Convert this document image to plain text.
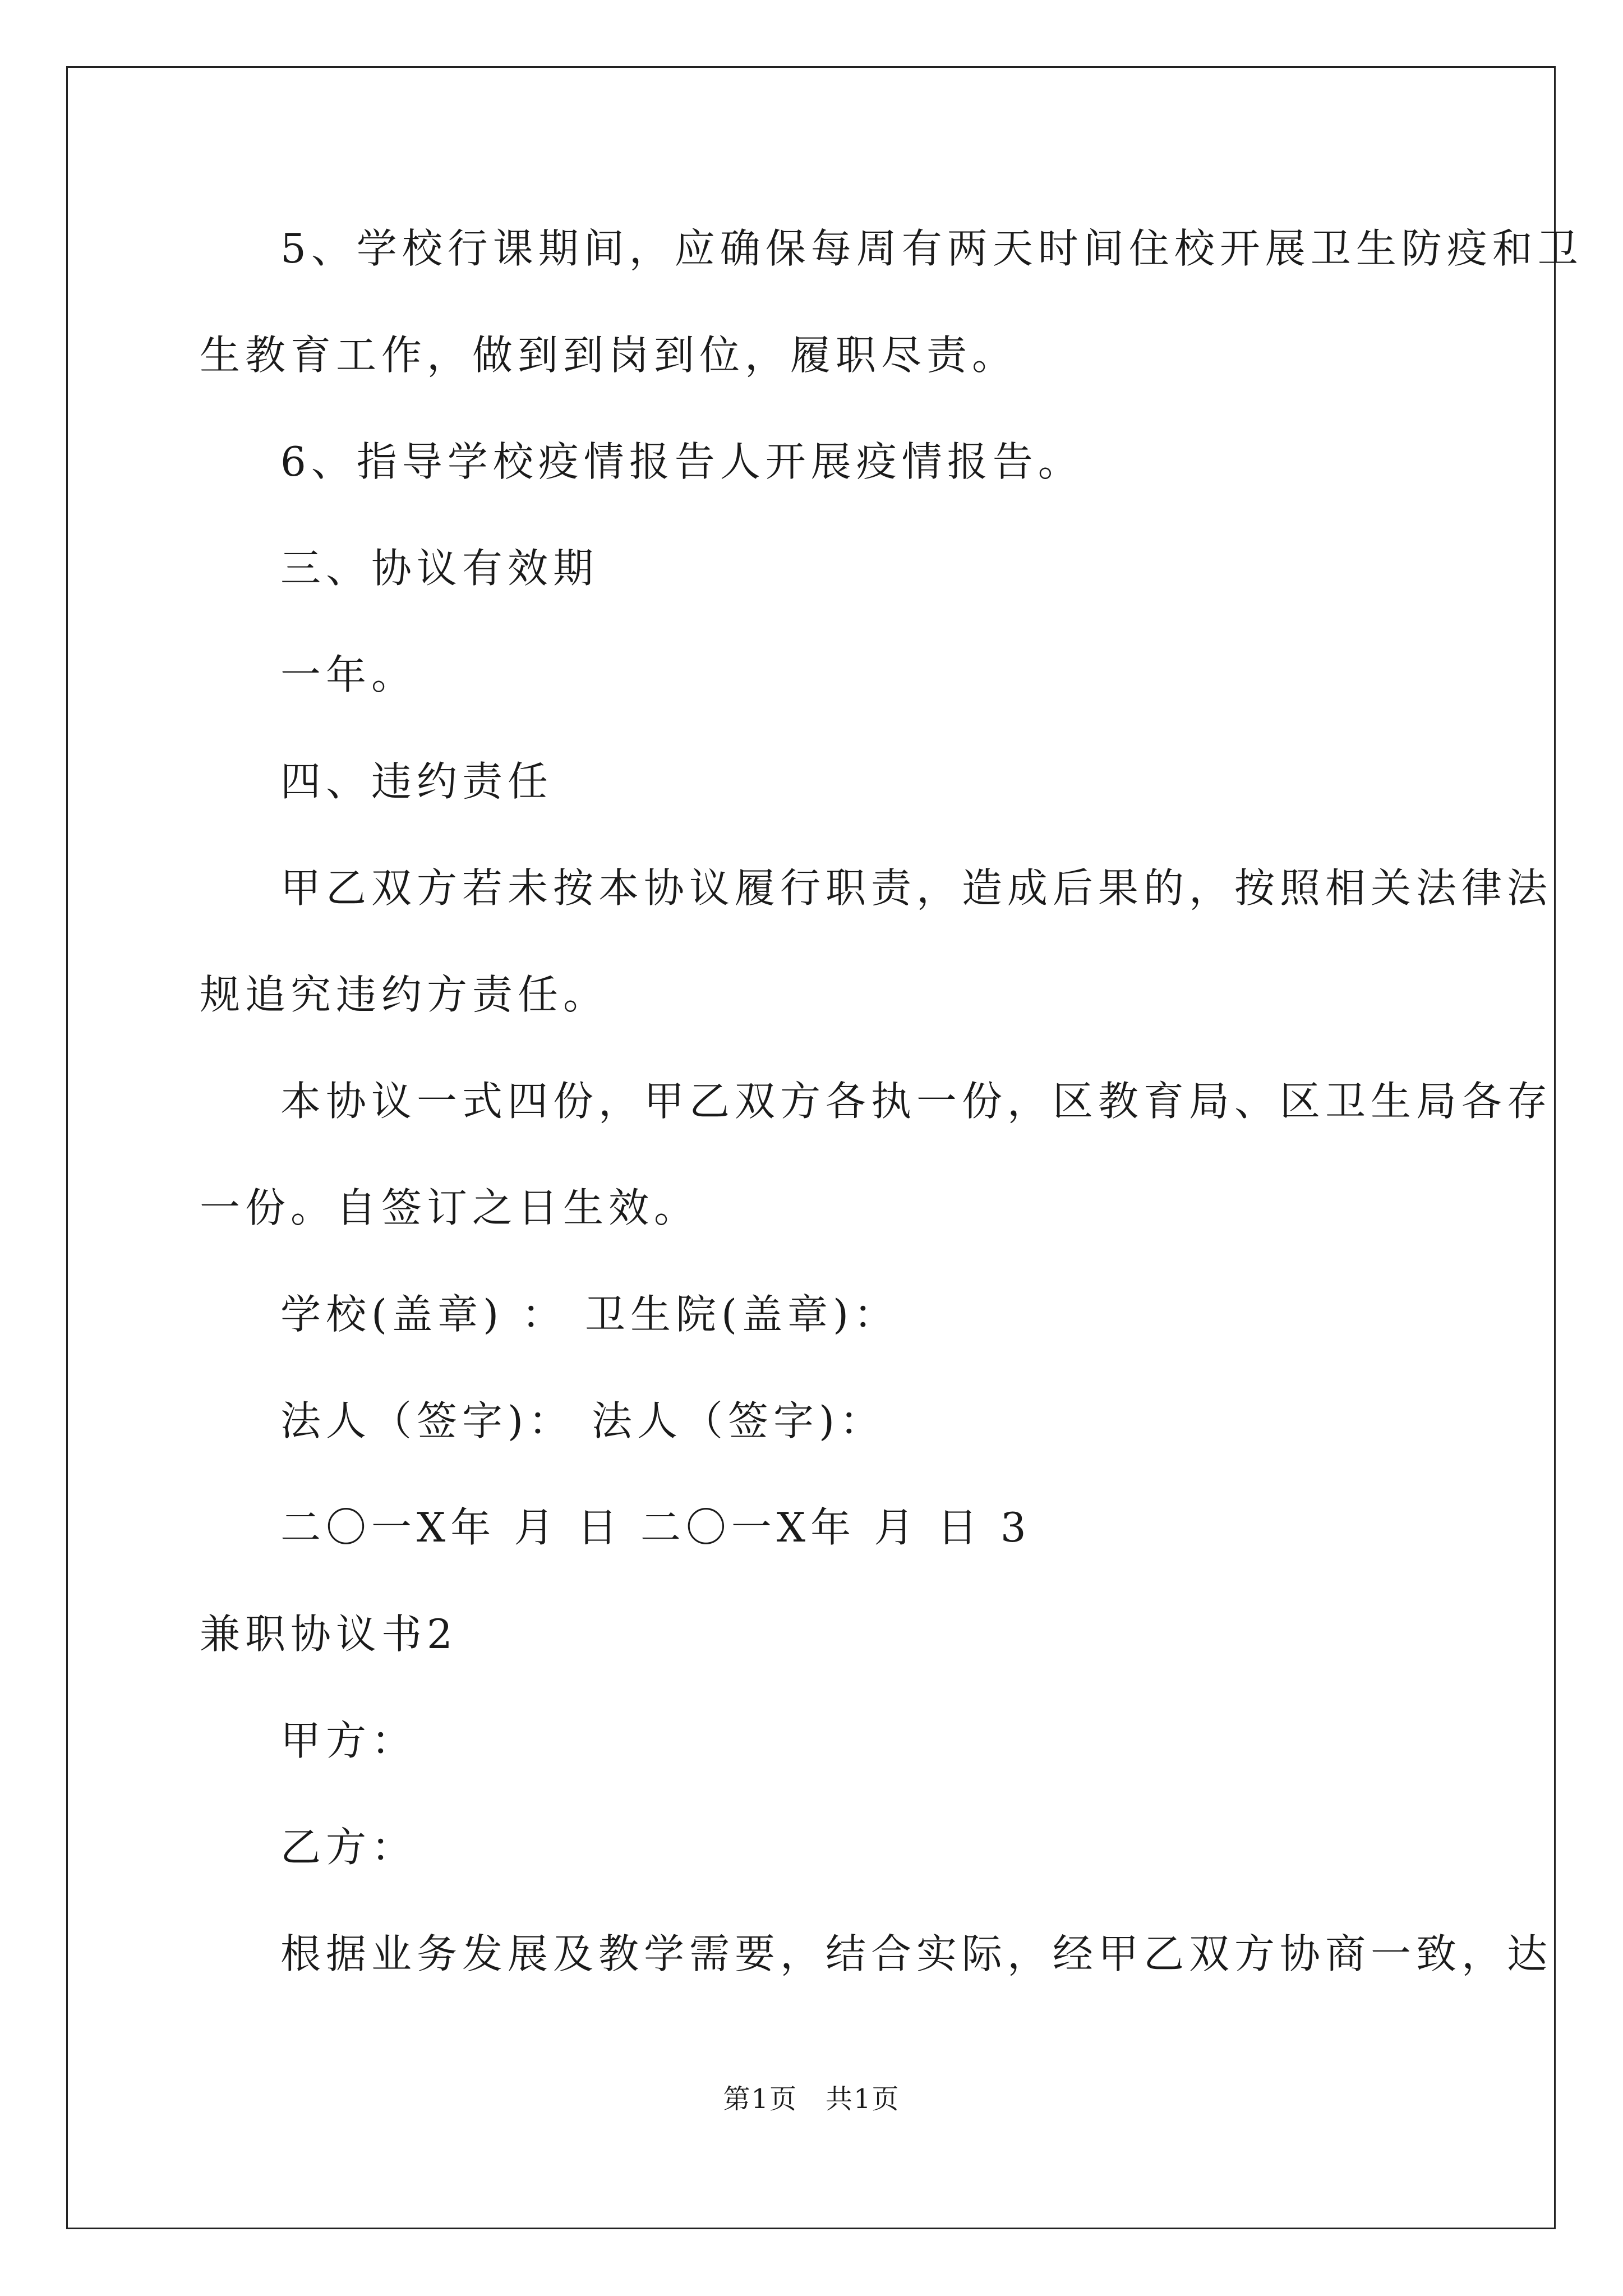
5、学校行课期间，应确保每周有两天时间住校开展卫生防疫和卫
生教育工作，做到到岗到位，履职尽责。
6、指导学校疫情报告人开展疫情报告。
三、协议有效期
一年。
四、违约责任
甲乙双方若未按本协议履行职责，造成后果的，按照相关法律法
规追究违约方责任。
本协议一式四份，甲乙双方各执一份，区教育局、区卫生局各存
一份。自签订之日生效。
学校(盖章) ： 卫生院(盖章)：
法人（签字)： 法人（签字)：
二〇一X年 月 日 二〇一X年 月 日 3
兼职协议书2
甲方：
乙方：
根据业务发展及教学需要，结合实际，经甲乙双方协商一致，达
第1页　共1页
